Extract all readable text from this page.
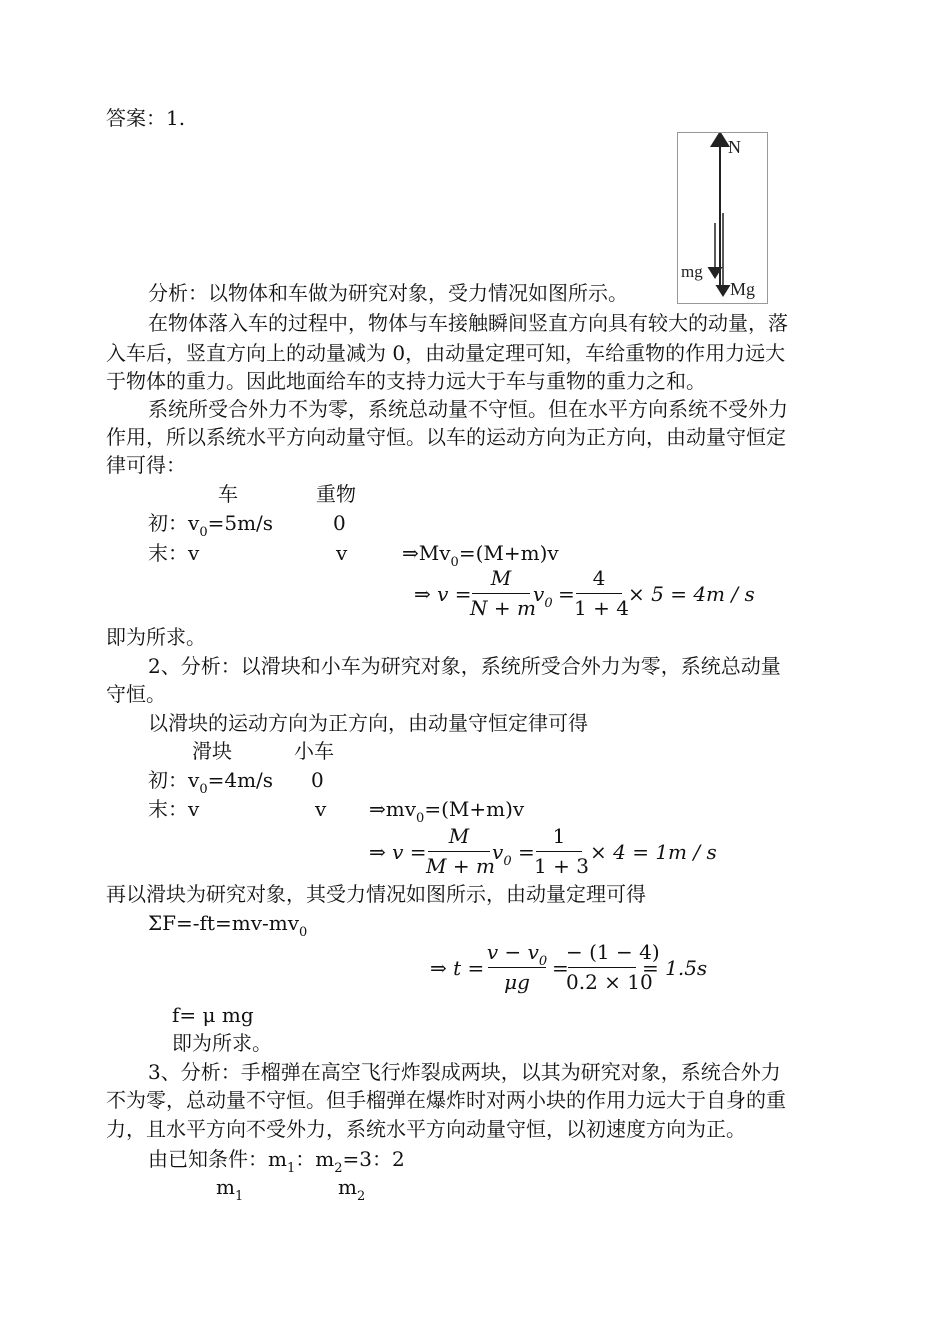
答案：1.
N
mg
Mg
分析：以物体和车做为研究对象，受力情况如图所示。
在物体落入车的过程中，物体与车接触瞬间竖直方向具有较大的动量，落
入车后，竖直方向上的动量减为 0，由动量定理可知，车给重物的作用力远大
于物体的重力。因此地面给车的支持力远大于车与重物的重力之和。
系统所受合外力不为零，系统总动量不守恒。但在水平方向系统不受外力
作用，所以系统水平方向动量守恒。以车的运动方向为正方向，由动量守恒定
律可得：
车	重物
初：$v_0=5m/s$	0
末：v	v	$\Rightarrow Mv_0=(M+m)v$
⇒ v =
M
N + m
$v_0$ =
4
1 + 4
× 5 = 4m / s
即为所求。
2、分析：以滑块和小车为研究对象，系统所受合外力为零，系统总动量
守恒。
以滑块的运动方向为正方向，由动量守恒定律可得
滑块	小车
初：$v_0=4m/s$ 0
末：v	v $\Rightarrow mv_0=(M+m)v$
⇒ v =
M
M + m
$v_0$ =
1
1 + 3
× 4 = 1m / s
再以滑块为研究对象，其受力情况如图所示，由动量定理可得
$\Sigma F=-ft=mv-mv_0$
⇒ t =
$v - v_0$
μg
=
− (1 − 4)
0.2 × 10
= 1.5s
f= μ mg
即为所求。
3、分析：手榴弹在高空飞行炸裂成两块，以其为研究对象，系统合外力
不为零，总动量不守恒。但手榴弹在爆炸时对两小块的作用力远大于自身的重
力，且水平方向不受外力，系统水平方向动量守恒，以初速度方向为正。
由已知条件：$m_1$：$m_2=3$：2
$m_1$	$m_2$
